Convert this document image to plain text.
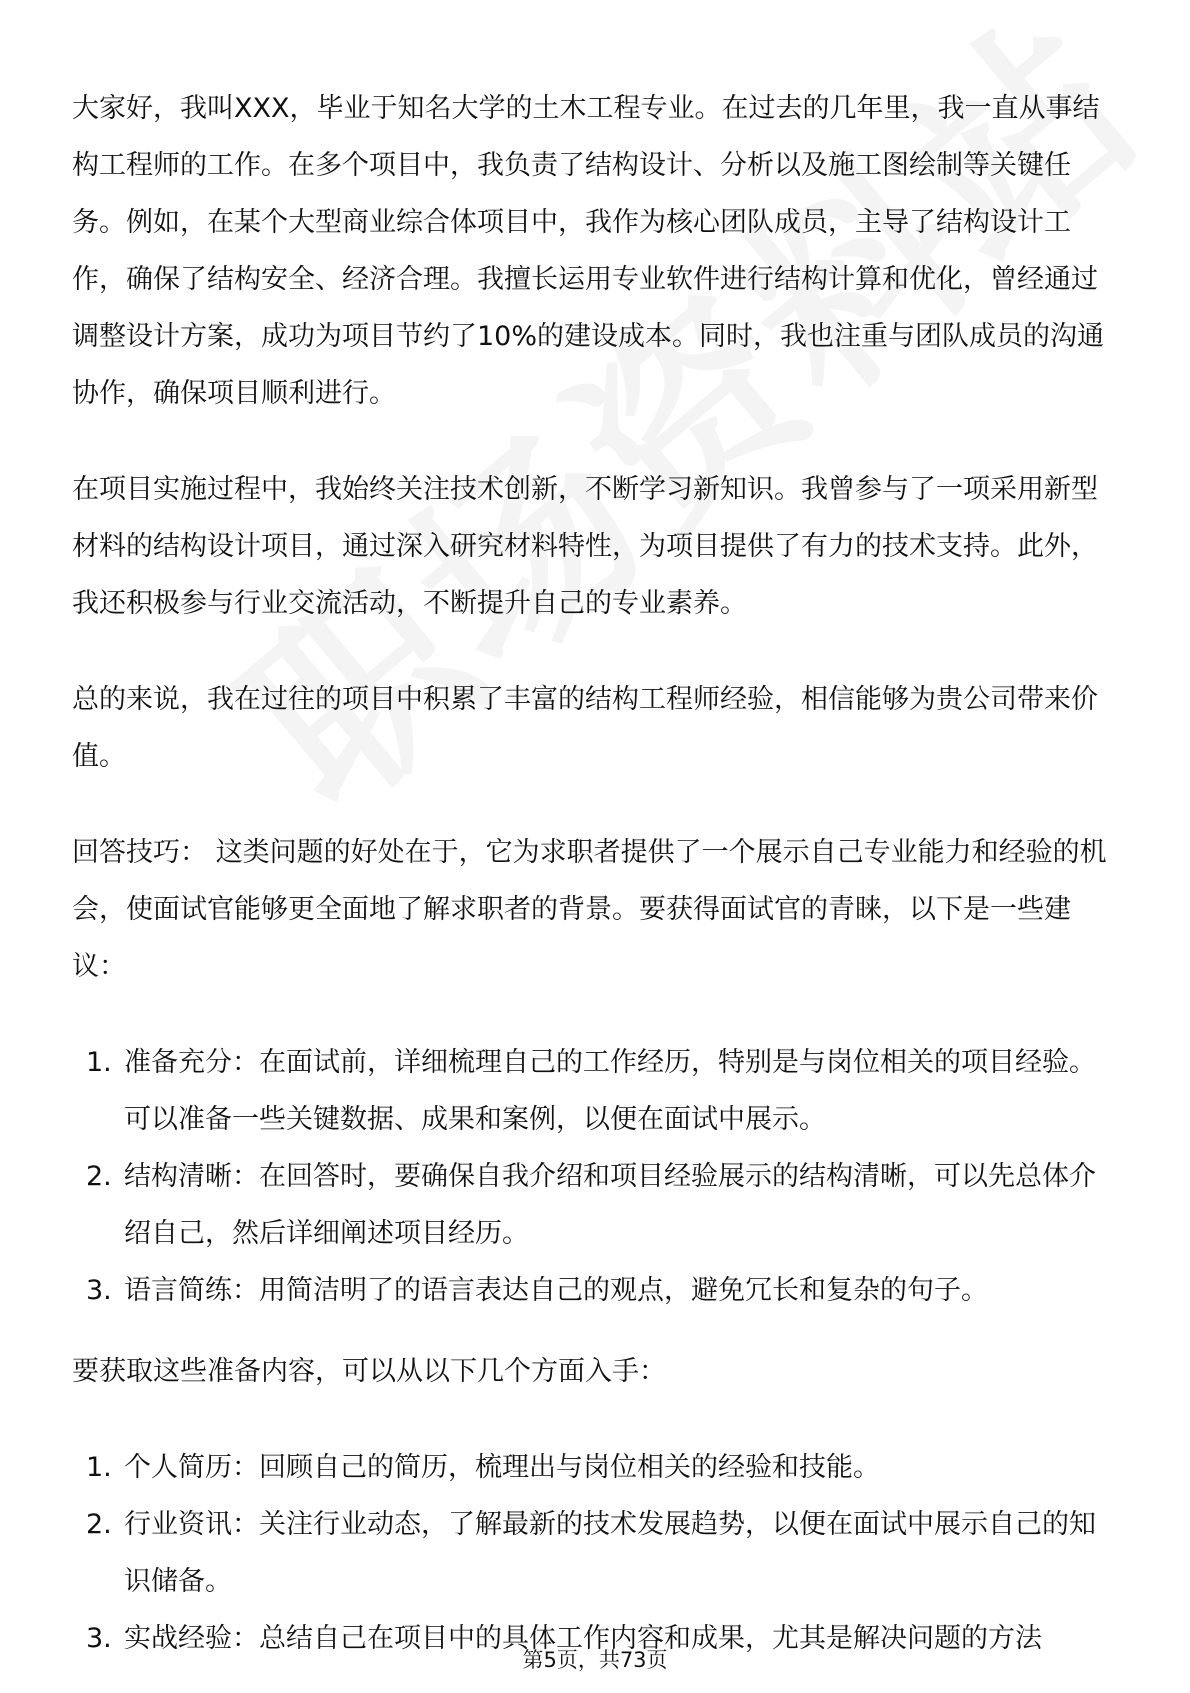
大家好，我叫XXX，毕业于知名大学的土木工程专业。在过去的几年里，我一直从事结构工程师的工作。在多个项目中，我负责了结构设计、分析以及施工图绘制等关键任务。例如，在某个大型商业综合体项目中，我作为核心团队成员，主导了结构设计工作，确保了结构安全、经济合理。我擅长运用专业软件进行结构计算和优化，曾经通过调整设计方案，成功为项目节约了10%的建设成本。同时，我也注重与团队成员的沟通协作，确保项目顺利进行。

在项目实施过程中，我始终关注技术创新，不断学习新知识。我曾参与了一项采用新型材料的结构设计项目，通过深入研究材料特性，为项目提供了有力的技术支持。此外，我还积极参与行业交流活动，不断提升自己的专业素养。

总的来说，我在过往的项目中积累了丰富的结构工程师经验，相信能够为贵公司带来价值。

回答技巧： 这类问题的好处在于，它为求职者提供了一个展示自己专业能力和经验的机会，使面试官能够更全面地了解求职者的背景。要获得面试官的青睐，以下是一些建议：

1. 准备充分：在面试前，详细梳理自己的工作经历，特别是与岗位相关的项目经验。可以准备一些关键数据、成果和案例，以便在面试中展示。
2. 结构清晰：在回答时，要确保自我介绍和项目经验展示的结构清晰，可以先总体介绍自己，然后详细阐述项目经历。
3. 语言简练：用简洁明了的语言表达自己的观点，避免冗长和复杂的句子。

要获取这些准备内容，可以从以下几个方面入手：

1. 个人简历：回顾自己的简历，梳理出与岗位相关的经验和技能。
2. 行业资讯：关注行业动态，了解最新的技术发展趋势，以便在面试中展示自己的知识储备。
3. 实战经验：总结自己在项目中的具体工作内容和成果，尤其是解决问题的方法
第5页，共73页
